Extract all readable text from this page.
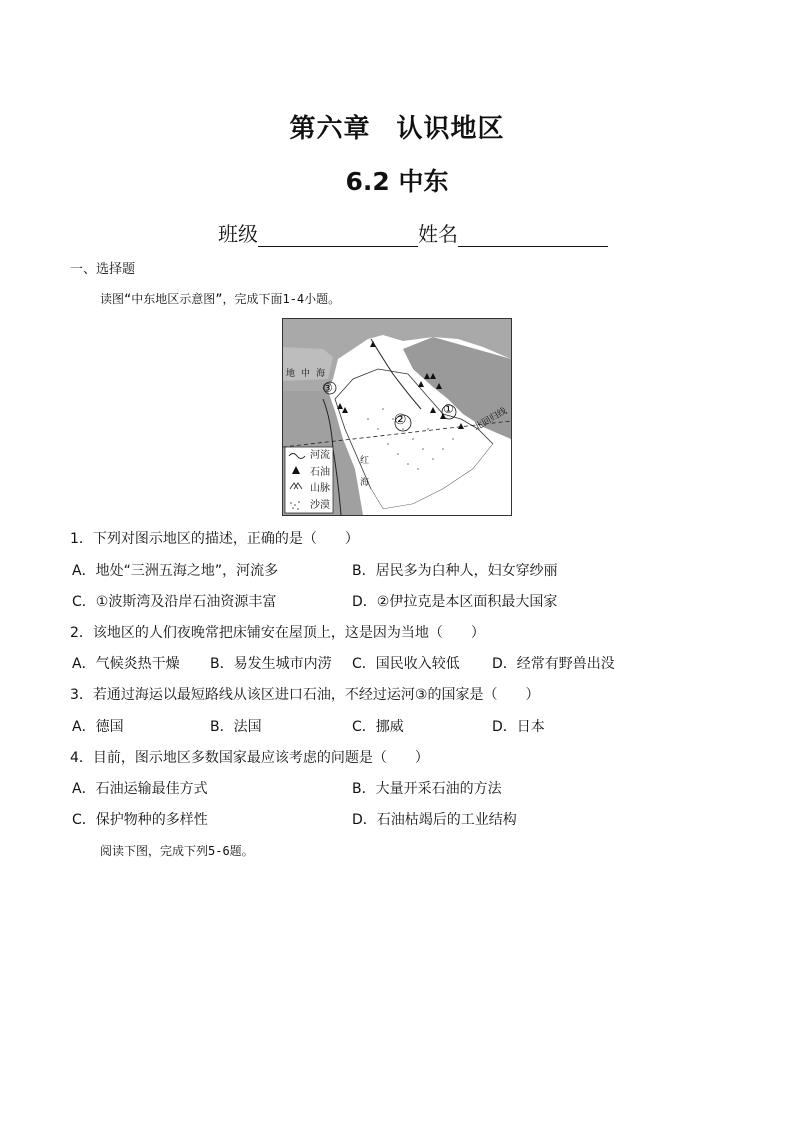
第六章 认识地区
6.2 中东
班级	姓名
一、选择题
读图“中东地区示意图”，完成下面1-4小题。
地中海
红海
北回归线
①
②
③
河流
石油
山脉
沙漠
1．下列对图示地区的描述，正确的是（　　）
A．地处“三洲五海之地”，河流多	B．居民多为白种人，妇女穿纱丽
C．①波斯湾及沿岸石油资源丰富	D．②伊拉克是本区面积最大国家
2．该地区的人们夜晚常把床铺安在屋顶上，这是因为当地（　　）
A．气候炎热干燥 B．易发生城市内涝 C．国民收入较低 D．经常有野兽出没
3．若通过海运以最短路线从该区进口石油，不经过运河③的国家是（　　）
A．德国	B．法国	C．挪威	D．日本
4．目前，图示地区多数国家最应该考虑的问题是（　　）
A．石油运输最佳方式	B．大量开采石油的方法
C．保护物种的多样性	D．石油枯竭后的工业结构
阅读下图，完成下列5-6题。
